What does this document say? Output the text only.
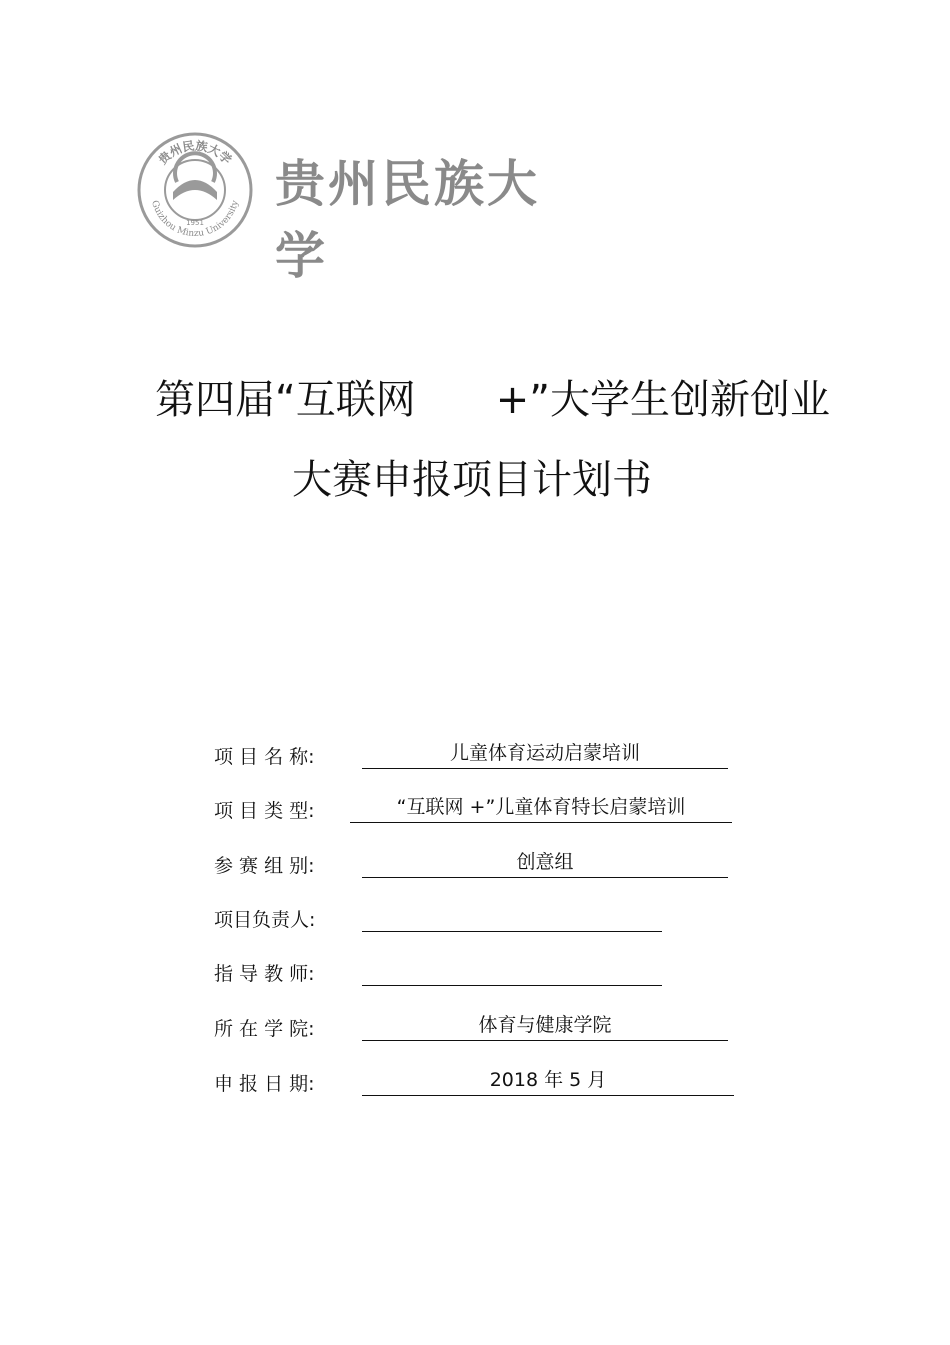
贵州民族大学
Guizhou Minzu University
1951
贵州民族大学
第四届“互联网　　+”大学生创新创业
大赛申报项目计划书
项 目 名 称:	儿童体育运动启蒙培训
项 目 类 型:	“互联网 +”儿童体育特长启蒙培训
参 赛 组 别:	创意组
项目负责人:
指 导 教 师:
所 在 学 院:	体育与健康学院
申 报 日 期:	2018 年 5 月
